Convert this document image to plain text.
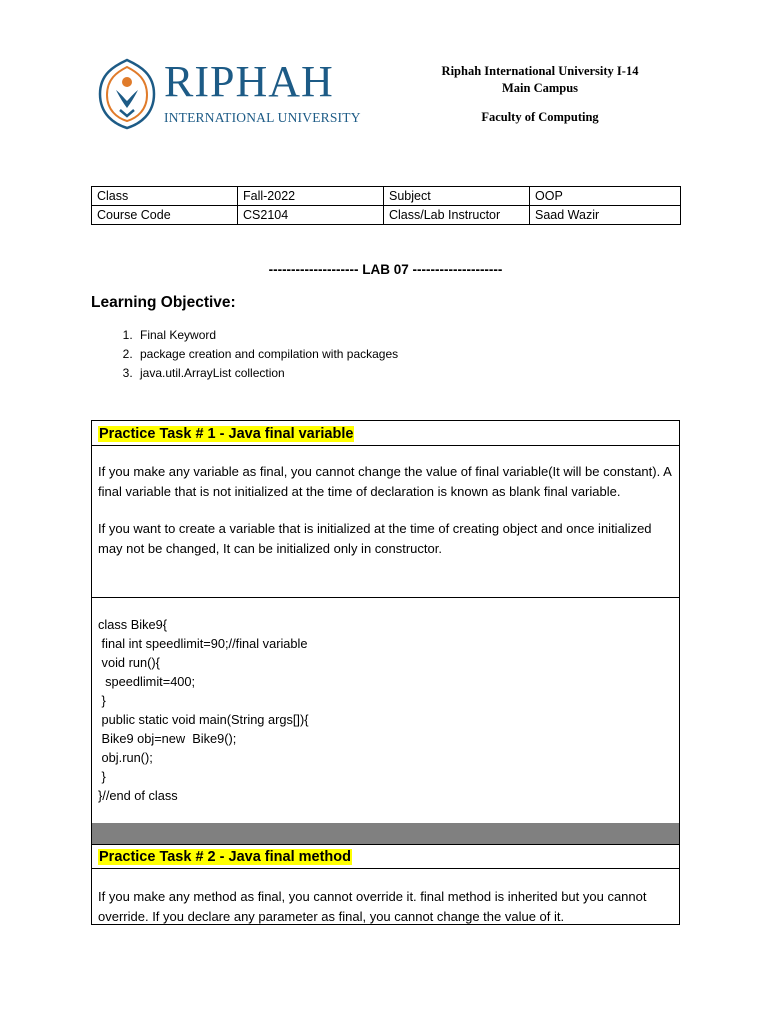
RIPHAH
INTERNATIONAL UNIVERSITY
Riphah International University I-14
Main Campus
Faculty of Computing
Class	Fall-2022	Subject	OOP
Course Code	CS2104	Class/Lab Instructor	Saad Wazir
-------------------- LAB 07 --------------------
Learning Objective:
1. Final Keyword
2. package creation and compilation with packages
3. java.util.ArrayList collection
Practice Task # 1 - Java final variable
If you make any variable as final, you cannot change the value of final variable(It will be constant). A final variable that is not initialized at the time of declaration is known as blank final variable.
If you want to create a variable that is initialized at the time of creating object and once initialized may not be changed, It can be initialized only in constructor.
class Bike9{
final int speedlimit=90;//final variable
void run(){
speedlimit=400;
}
public static void main(String args[]){
Bike9 obj=new  Bike9();
obj.run();
}
}//end of class
Practice Task # 2 - Java final method
If you make any method as final, you cannot override it. final method is inherited but you cannot override. If you declare any parameter as final, you cannot change the value of it.
